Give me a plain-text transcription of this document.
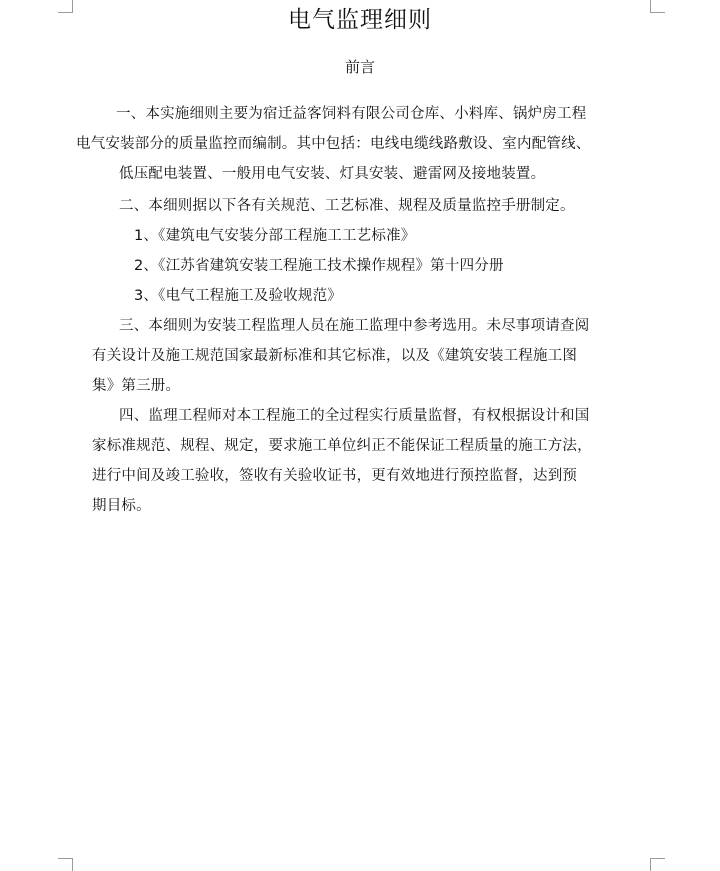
电气监理细则
前言
一、本实施细则主要为宿迁益客饲料有限公司仓库、小料库、锅炉房工程
电气安装部分的质量监控而编制。其中包括：电线电缆线路敷设、室内配管线、
低压配电装置、一般用电气安装、灯具安装、避雷网及接地装置。
二、本细则据以下各有关规范、工艺标准、规程及质量监控手册制定。
1、《建筑电气安装分部工程施工工艺标准》
2、《江苏省建筑安装工程施工技术操作规程》第十四分册
3、《电气工程施工及验收规范》
三、本细则为安装工程监理人员在施工监理中参考选用。未尽事项请查阅
有关设计及施工规范国家最新标准和其它标准，以及《建筑安装工程施工图
集》第三册。
四、监理工程师对本工程施工的全过程实行质量监督，有权根据设计和国
家标准规范、规程、规定，要求施工单位纠正不能保证工程质量的施工方法，
进行中间及竣工验收，签收有关验收证书，更有效地进行预控监督，达到预
期目标。
